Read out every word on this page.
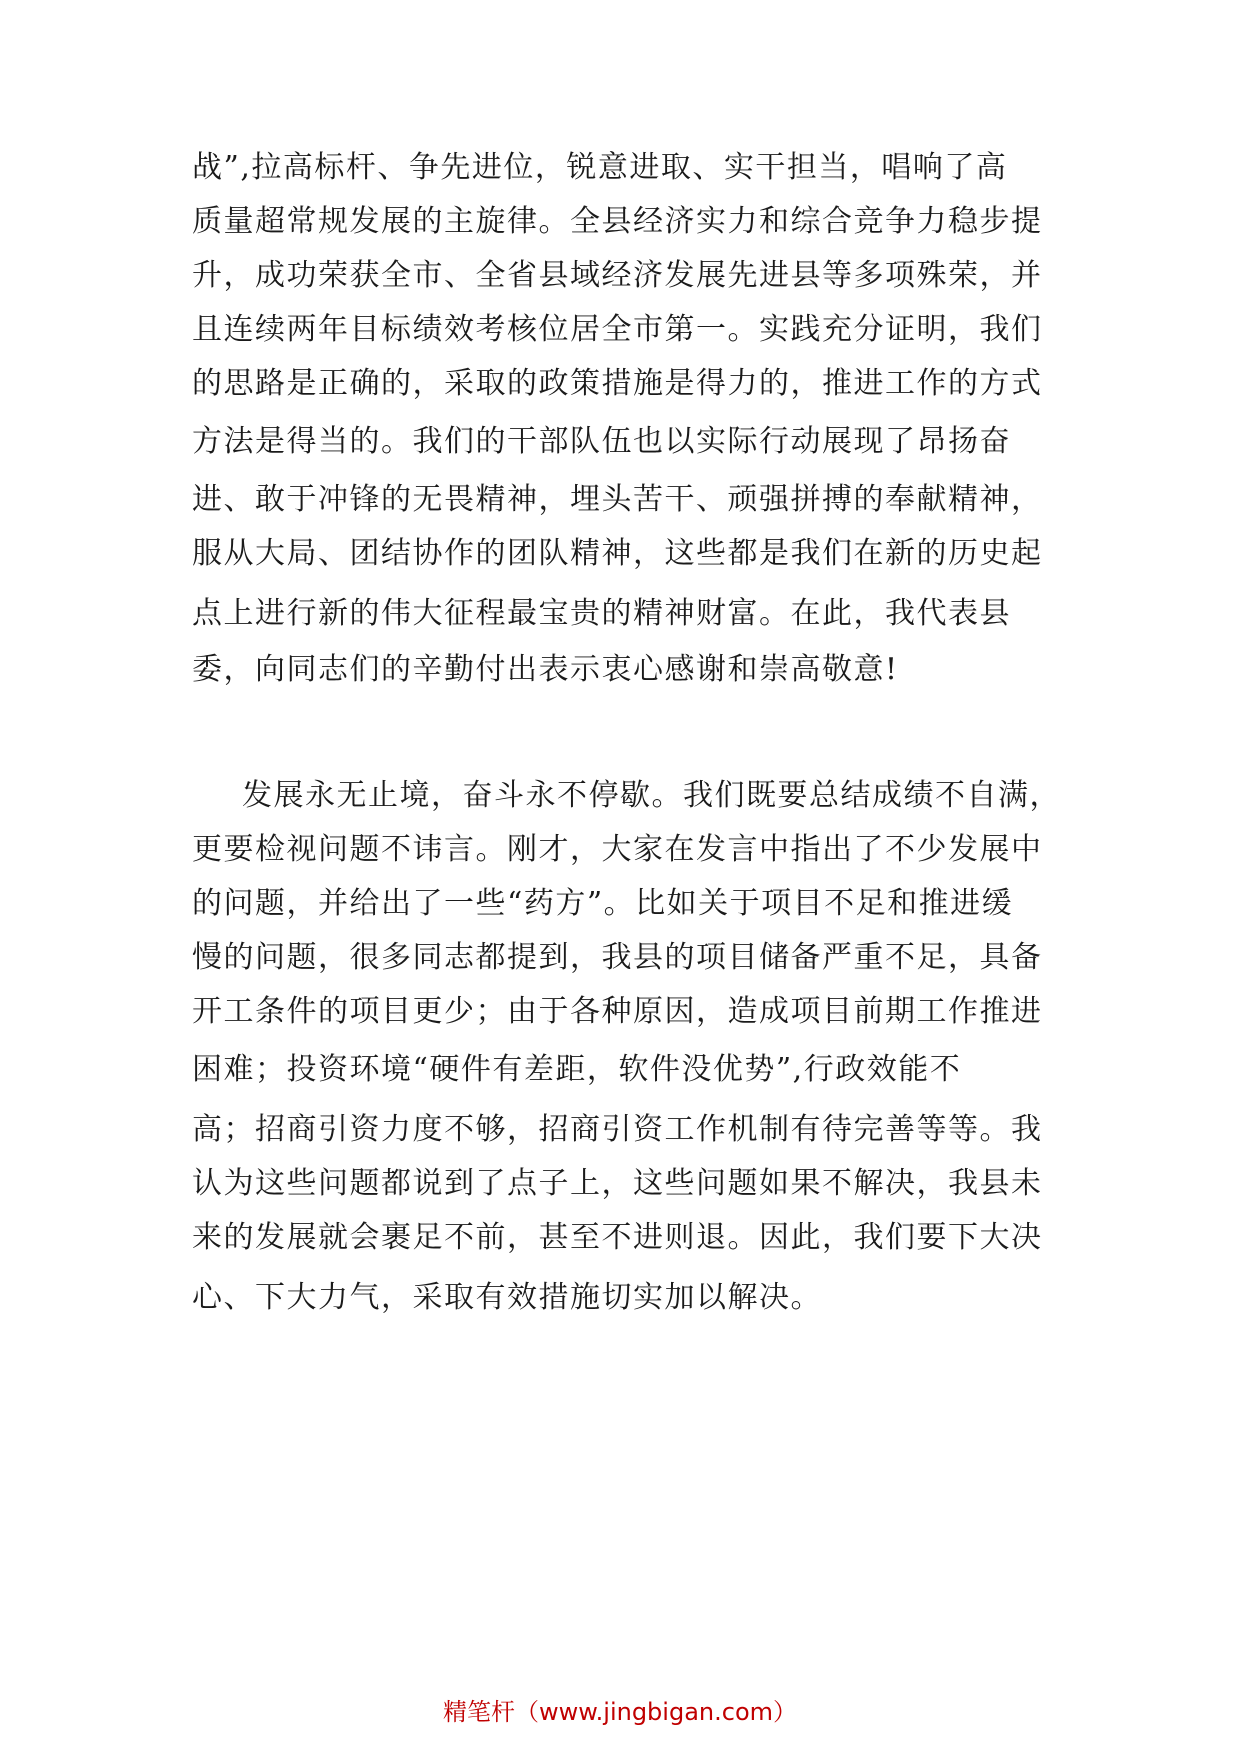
战”,拉高标杆、争先进位，锐意进取、实干担当，唱响了高
质量超常规发展的主旋律。全县经济实力和综合竞争力稳步提
升，成功荣获全市、全省县域经济发展先进县等多项殊荣，并
且连续两年目标绩效考核位居全市第一。实践充分证明，我们
的思路是正确的，采取的政策措施是得力的，推进工作的方式
方法是得当的。我们的干部队伍也以实际行动展现了昂扬奋
进、敢于冲锋的无畏精神，埋头苦干、顽强拼搏的奉献精神，
服从大局、团结协作的团队精神，这些都是我们在新的历史起
点上进行新的伟大征程最宝贵的精神财富。在此，我代表县
委，向同志们的辛勤付出表示衷心感谢和崇高敬意!
发展永无止境，奋斗永不停歇。我们既要总结成绩不自满，
更要检视问题不讳言。刚才，大家在发言中指出了不少发展中
的问题，并给出了一些“药方”。比如关于项目不足和推进缓
慢的问题，很多同志都提到，我县的项目储备严重不足，具备
开工条件的项目更少；由于各种原因，造成项目前期工作推进
困难；投资环境“硬件有差距，软件没优势”,行政效能不
高；招商引资力度不够，招商引资工作机制有待完善等等。我
认为这些问题都说到了点子上，这些问题如果不解决，我县未
来的发展就会裹足不前，甚至不进则退。因此，我们要下大决
心、下大力气，采取有效措施切实加以解决。
精笔杆（www.jingbigan.com）
